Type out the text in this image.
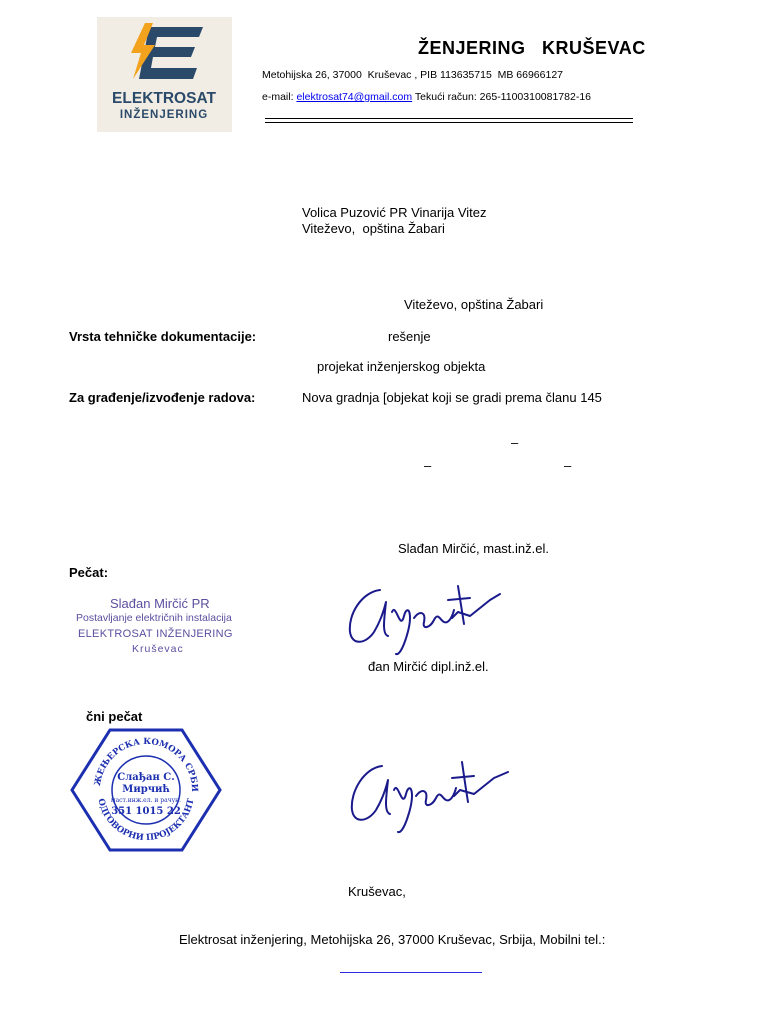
ELEKTROSAT
INŽENJERING
ŽENJERING   KRUŠEVAC
Metohijska 26, 37000  Kruševac , PIB 113635715  MB 66966127
e-mail: elektrosat74@gmail.com Tekući račun: 265-1100310081782-16
Volica Puzović PR Vinarija Vitez
Viteževo,  opština Žabari
Viteževo, opština Žabari
Vrsta tehničke dokumentacije:	rešenje
projekat inženjerskog objekta
Za građenje/izvođenje radova:	Nova gradnja [objekat koji se gradi prema članu 145
–
–	–
Slađan Mirčić, mast.inž.el.
Pečat:
Slađan Mirčić PR
Postavljanje električnih instalacija
ELEKTROSAT INŽENJERING
Kruševac
đan Mirčić dipl.inž.el.
čni pečat
ЖЕЊЕРСКА КОМОРА СРБИ
ОДГОВОРНИ ПРОЈЕКТАНТ
Слађан С.
Мирчић
маст.инж.ел. и рачун.
351 1015 22
Kruševac,
Elektrosat inženjering, Metohijska 26, 37000 Kruševac, Srbija, Mobilni tel.:
